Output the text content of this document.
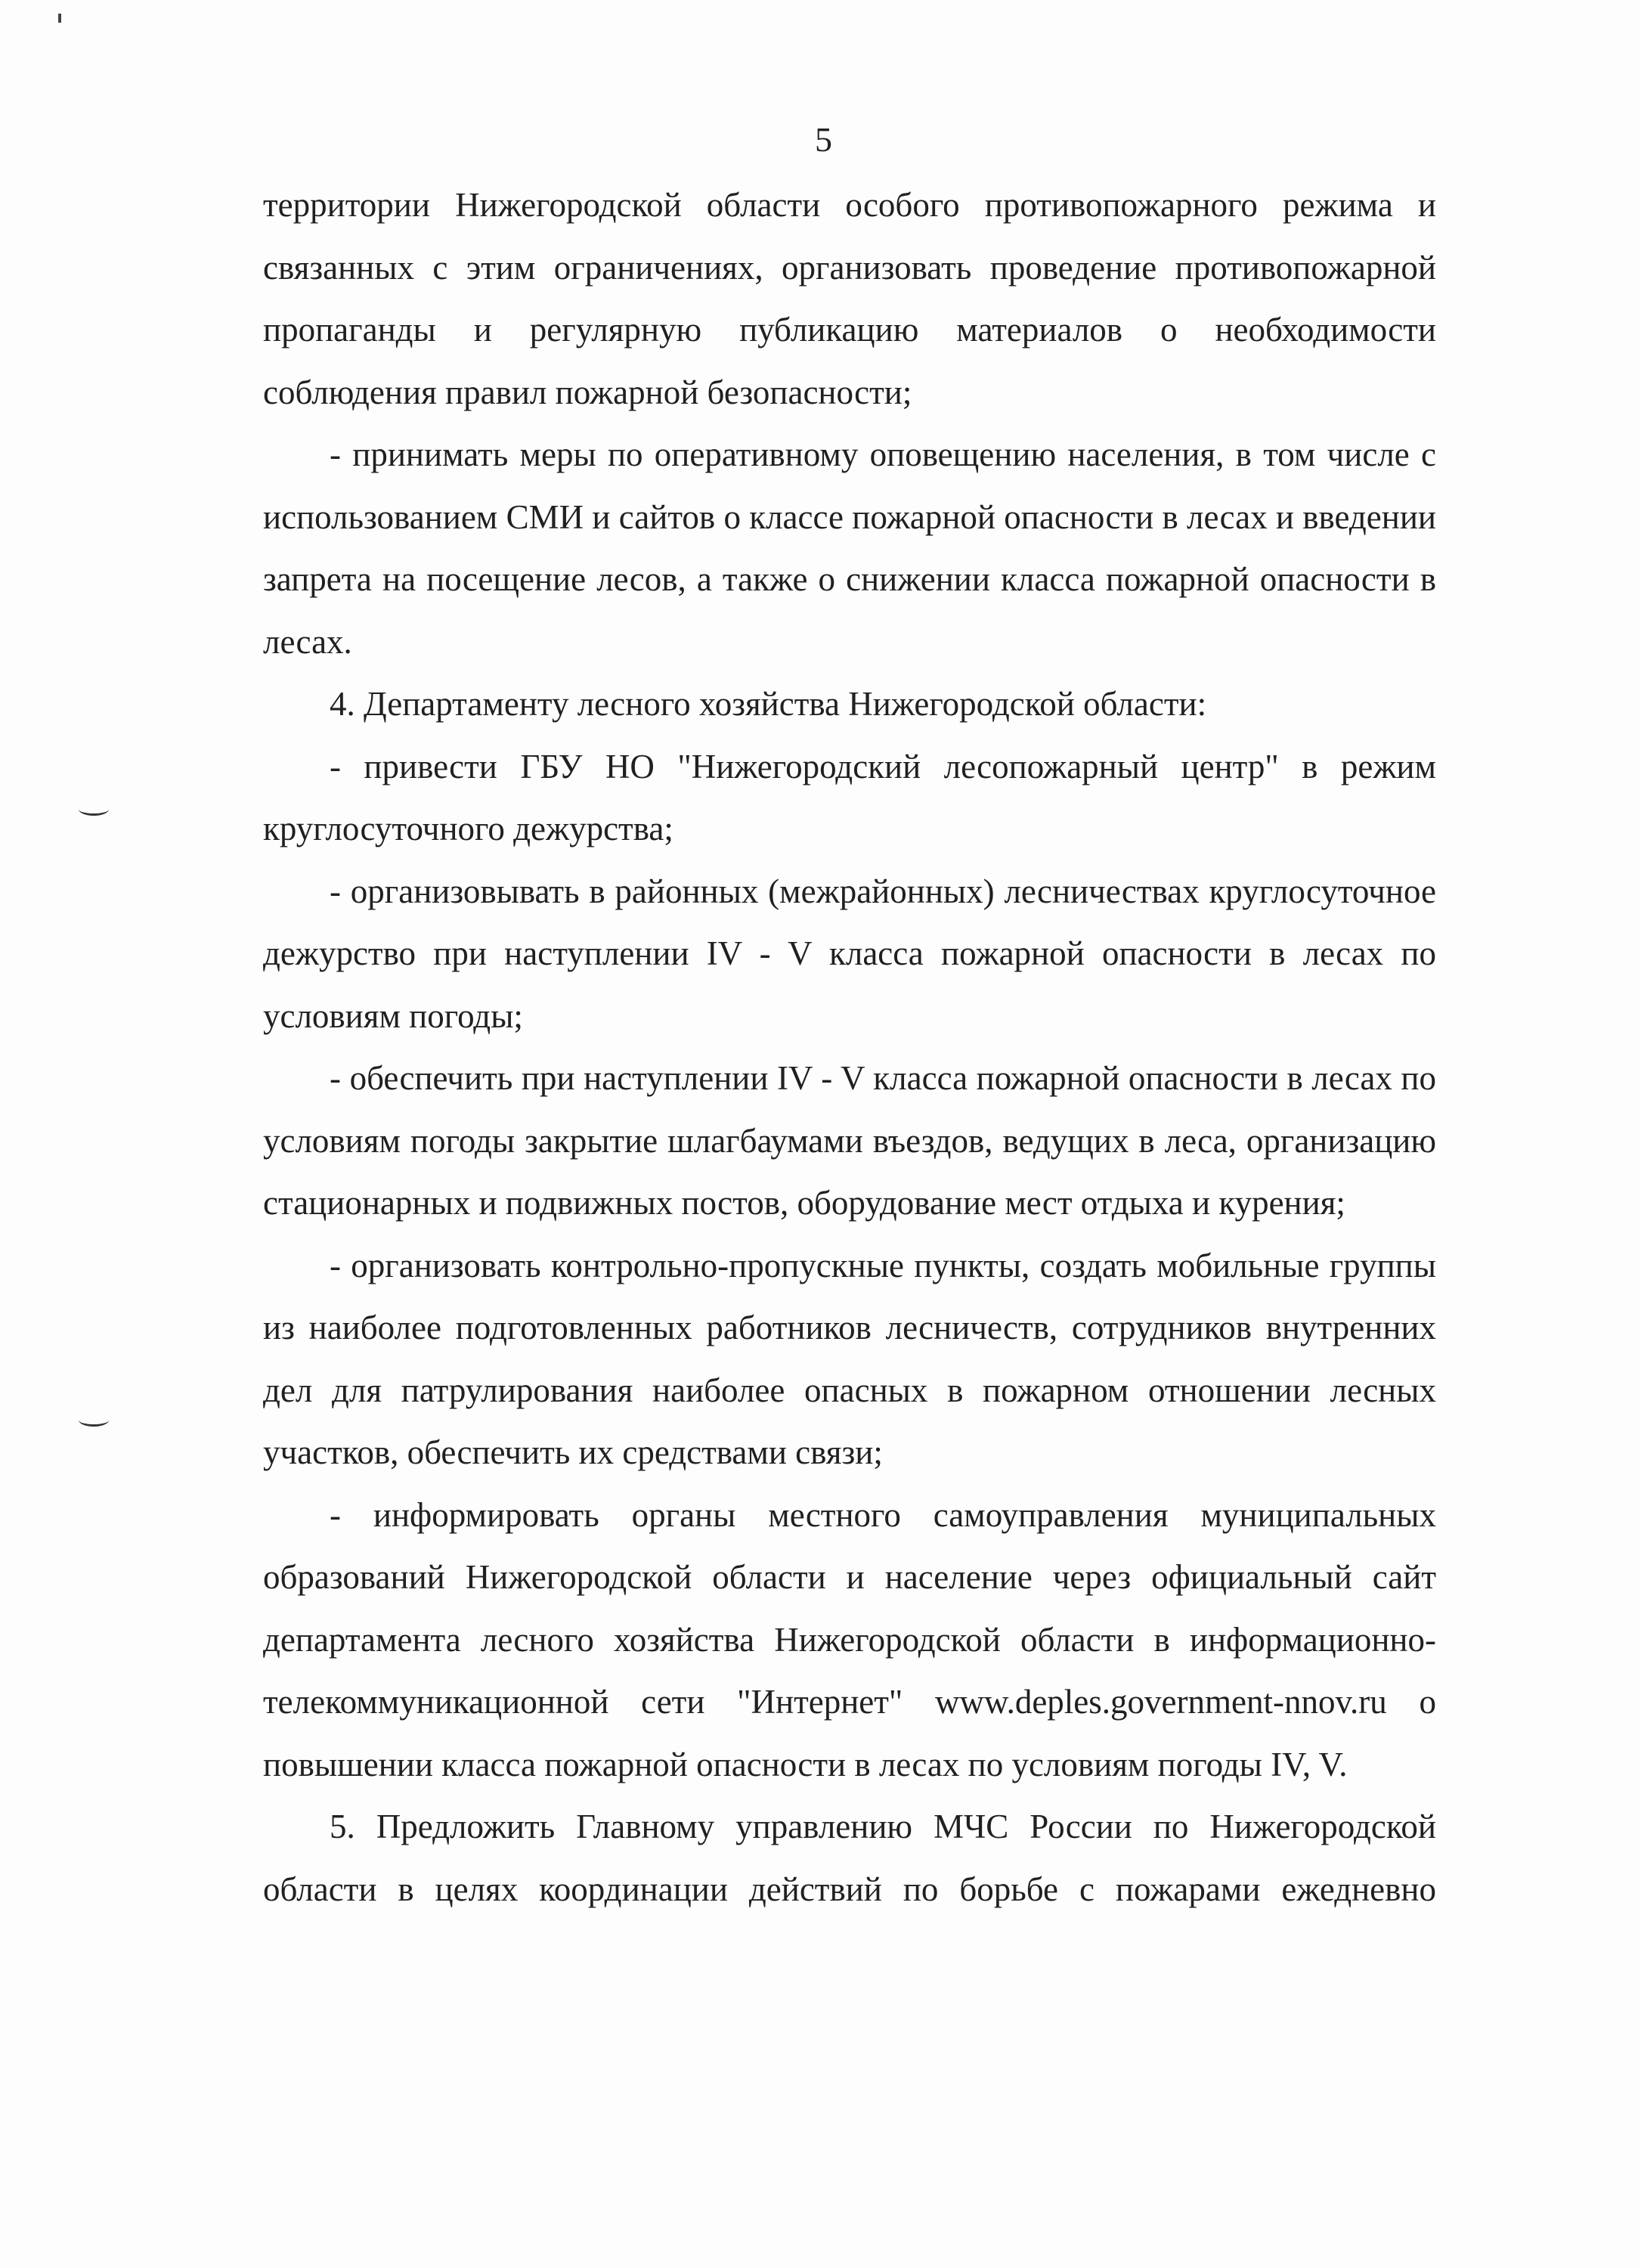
5

территории Нижегородской области особого противопожарного режима и связанных с этим ограничениях, организовать проведение противопожарной пропаганды и регулярную публикацию материалов о необходимости соблюдения правил пожарной безопасности;

- принимать меры по оперативному оповещению населения, в том числе с использованием СМИ и сайтов о классе пожарной опасности в лесах и введении запрета на посещение лесов, а также о снижении класса пожарной опасности в лесах.

4. Департаменту лесного хозяйства Нижегородской области:

- привести ГБУ НО "Нижегородский лесопожарный центр" в режим круглосуточного дежурства;

- организовывать в районных (межрайонных) лесничествах круглосуточное дежурство при наступлении IV - V класса пожарной опасности в лесах по условиям погоды;

- обеспечить при наступлении IV - V класса пожарной опасности в лесах по условиям погоды закрытие шлагбаумами въездов, ведущих в леса, организацию стационарных и подвижных постов, оборудование мест отдыха и курения;

- организовать контрольно-пропускные пункты, создать мобильные группы из наиболее подготовленных работников лесничеств, сотрудников внутренних дел для патрулирования наиболее опасных в пожарном отношении лесных участков, обеспечить их средствами связи;

- информировать органы местного самоуправления муниципальных образований Нижегородской области и население через официальный сайт департамента лесного хозяйства Нижегородской области в информационно-телекоммуникационной сети "Интернет" www.deples.government-nnov.ru о повышении класса пожарной опасности в лесах по условиям погоды IV, V.

5. Предложить Главному управлению МЧС России по Нижегородской области в целях координации действий по борьбе с пожарами ежедневно
